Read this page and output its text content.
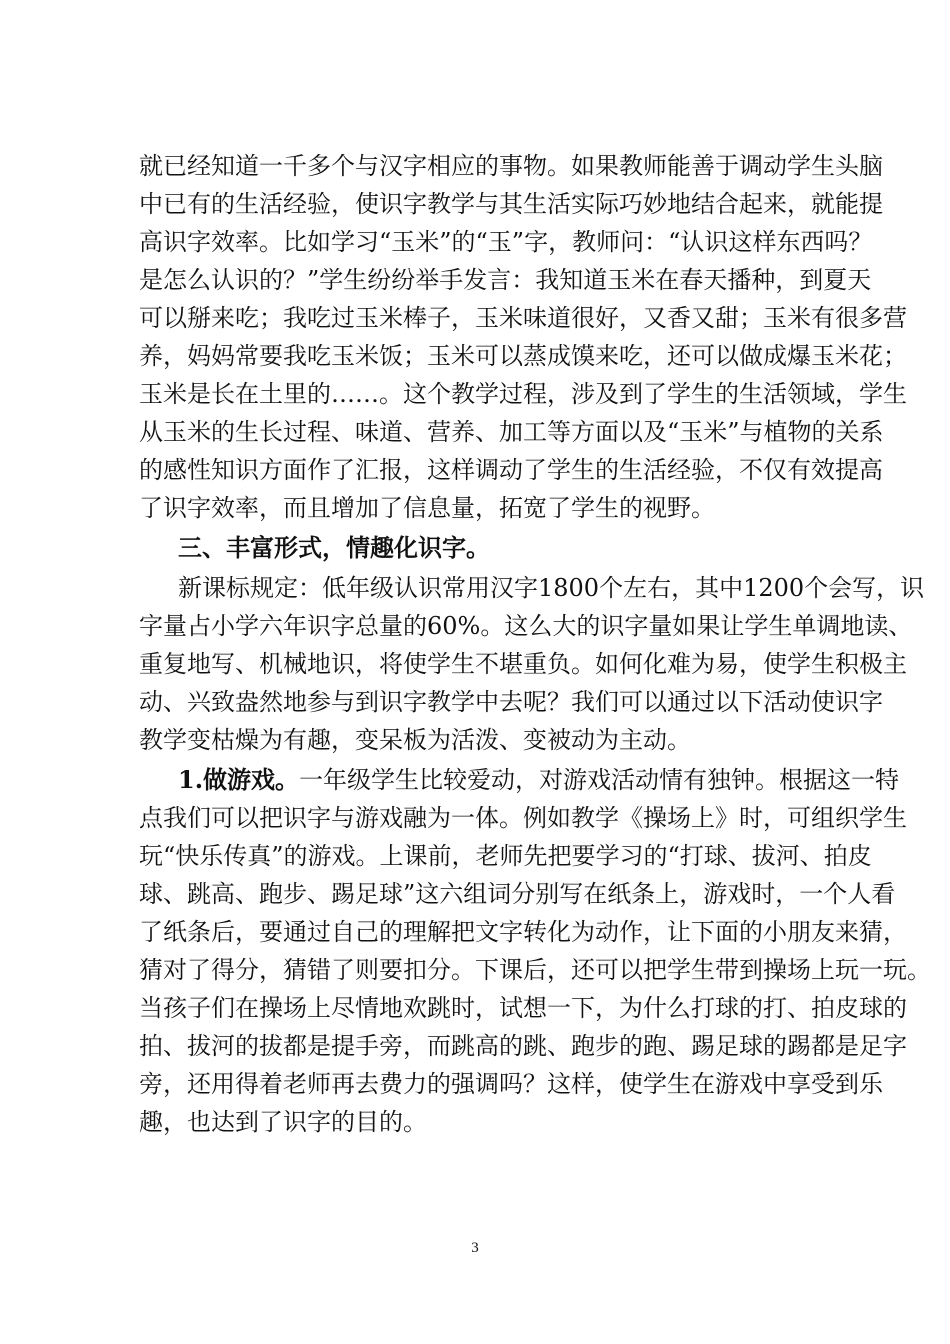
就已经知道一千多个与汉字相应的事物。如果教师能善于调动学生头脑
中已有的生活经验，使识字教学与其生活实际巧妙地结合起来，就能提
高识字效率。比如学习“玉米”的“玉”字，教师问：“认识这样东西吗？
是怎么认识的？”学生纷纷举手发言：我知道玉米在春天播种，到夏天
可以掰来吃；我吃过玉米棒子，玉米味道很好，又香又甜；玉米有很多营
养，妈妈常要我吃玉米饭；玉米可以蒸成馍来吃，还可以做成爆玉米花；
玉米是长在土里的……。这个教学过程，涉及到了学生的生活领域，学生
从玉米的生长过程、味道、营养、加工等方面以及“玉米”与植物的关系
的感性知识方面作了汇报，这样调动了学生的生活经验，不仅有效提高
了识字效率，而且增加了信息量，拓宽了学生的视野。
三、丰富形式，情趣化识字。
新课标规定：低年级认识常用汉字1800个左右，其中1200个会写，识
字量占小学六年识字总量的60%。这么大的识字量如果让学生单调地读、
重复地写、机械地识，将使学生不堪重负。如何化难为易，使学生积极主
动、兴致盎然地参与到识字教学中去呢？我们可以通过以下活动使识字
教学变枯燥为有趣，变呆板为活泼、变被动为主动。
1.做游戏。一年级学生比较爱动，对游戏活动情有独钟。根据这一特
点我们可以把识字与游戏融为一体。例如教学《操场上》时，可组织学生
玩“快乐传真”的游戏。上课前，老师先把要学习的“打球、拔河、拍皮
球、跳高、跑步、踢足球”这六组词分别写在纸条上，游戏时，一个人看
了纸条后，要通过自己的理解把文字转化为动作，让下面的小朋友来猜，
猜对了得分，猜错了则要扣分。下课后，还可以把学生带到操场上玩一玩。
当孩子们在操场上尽情地欢跳时，试想一下，为什么打球的打、拍皮球的
拍、拔河的拔都是提手旁，而跳高的跳、跑步的跑、踢足球的踢都是足字
旁，还用得着老师再去费力的强调吗？这样，使学生在游戏中享受到乐
趣，也达到了识字的目的。
3
